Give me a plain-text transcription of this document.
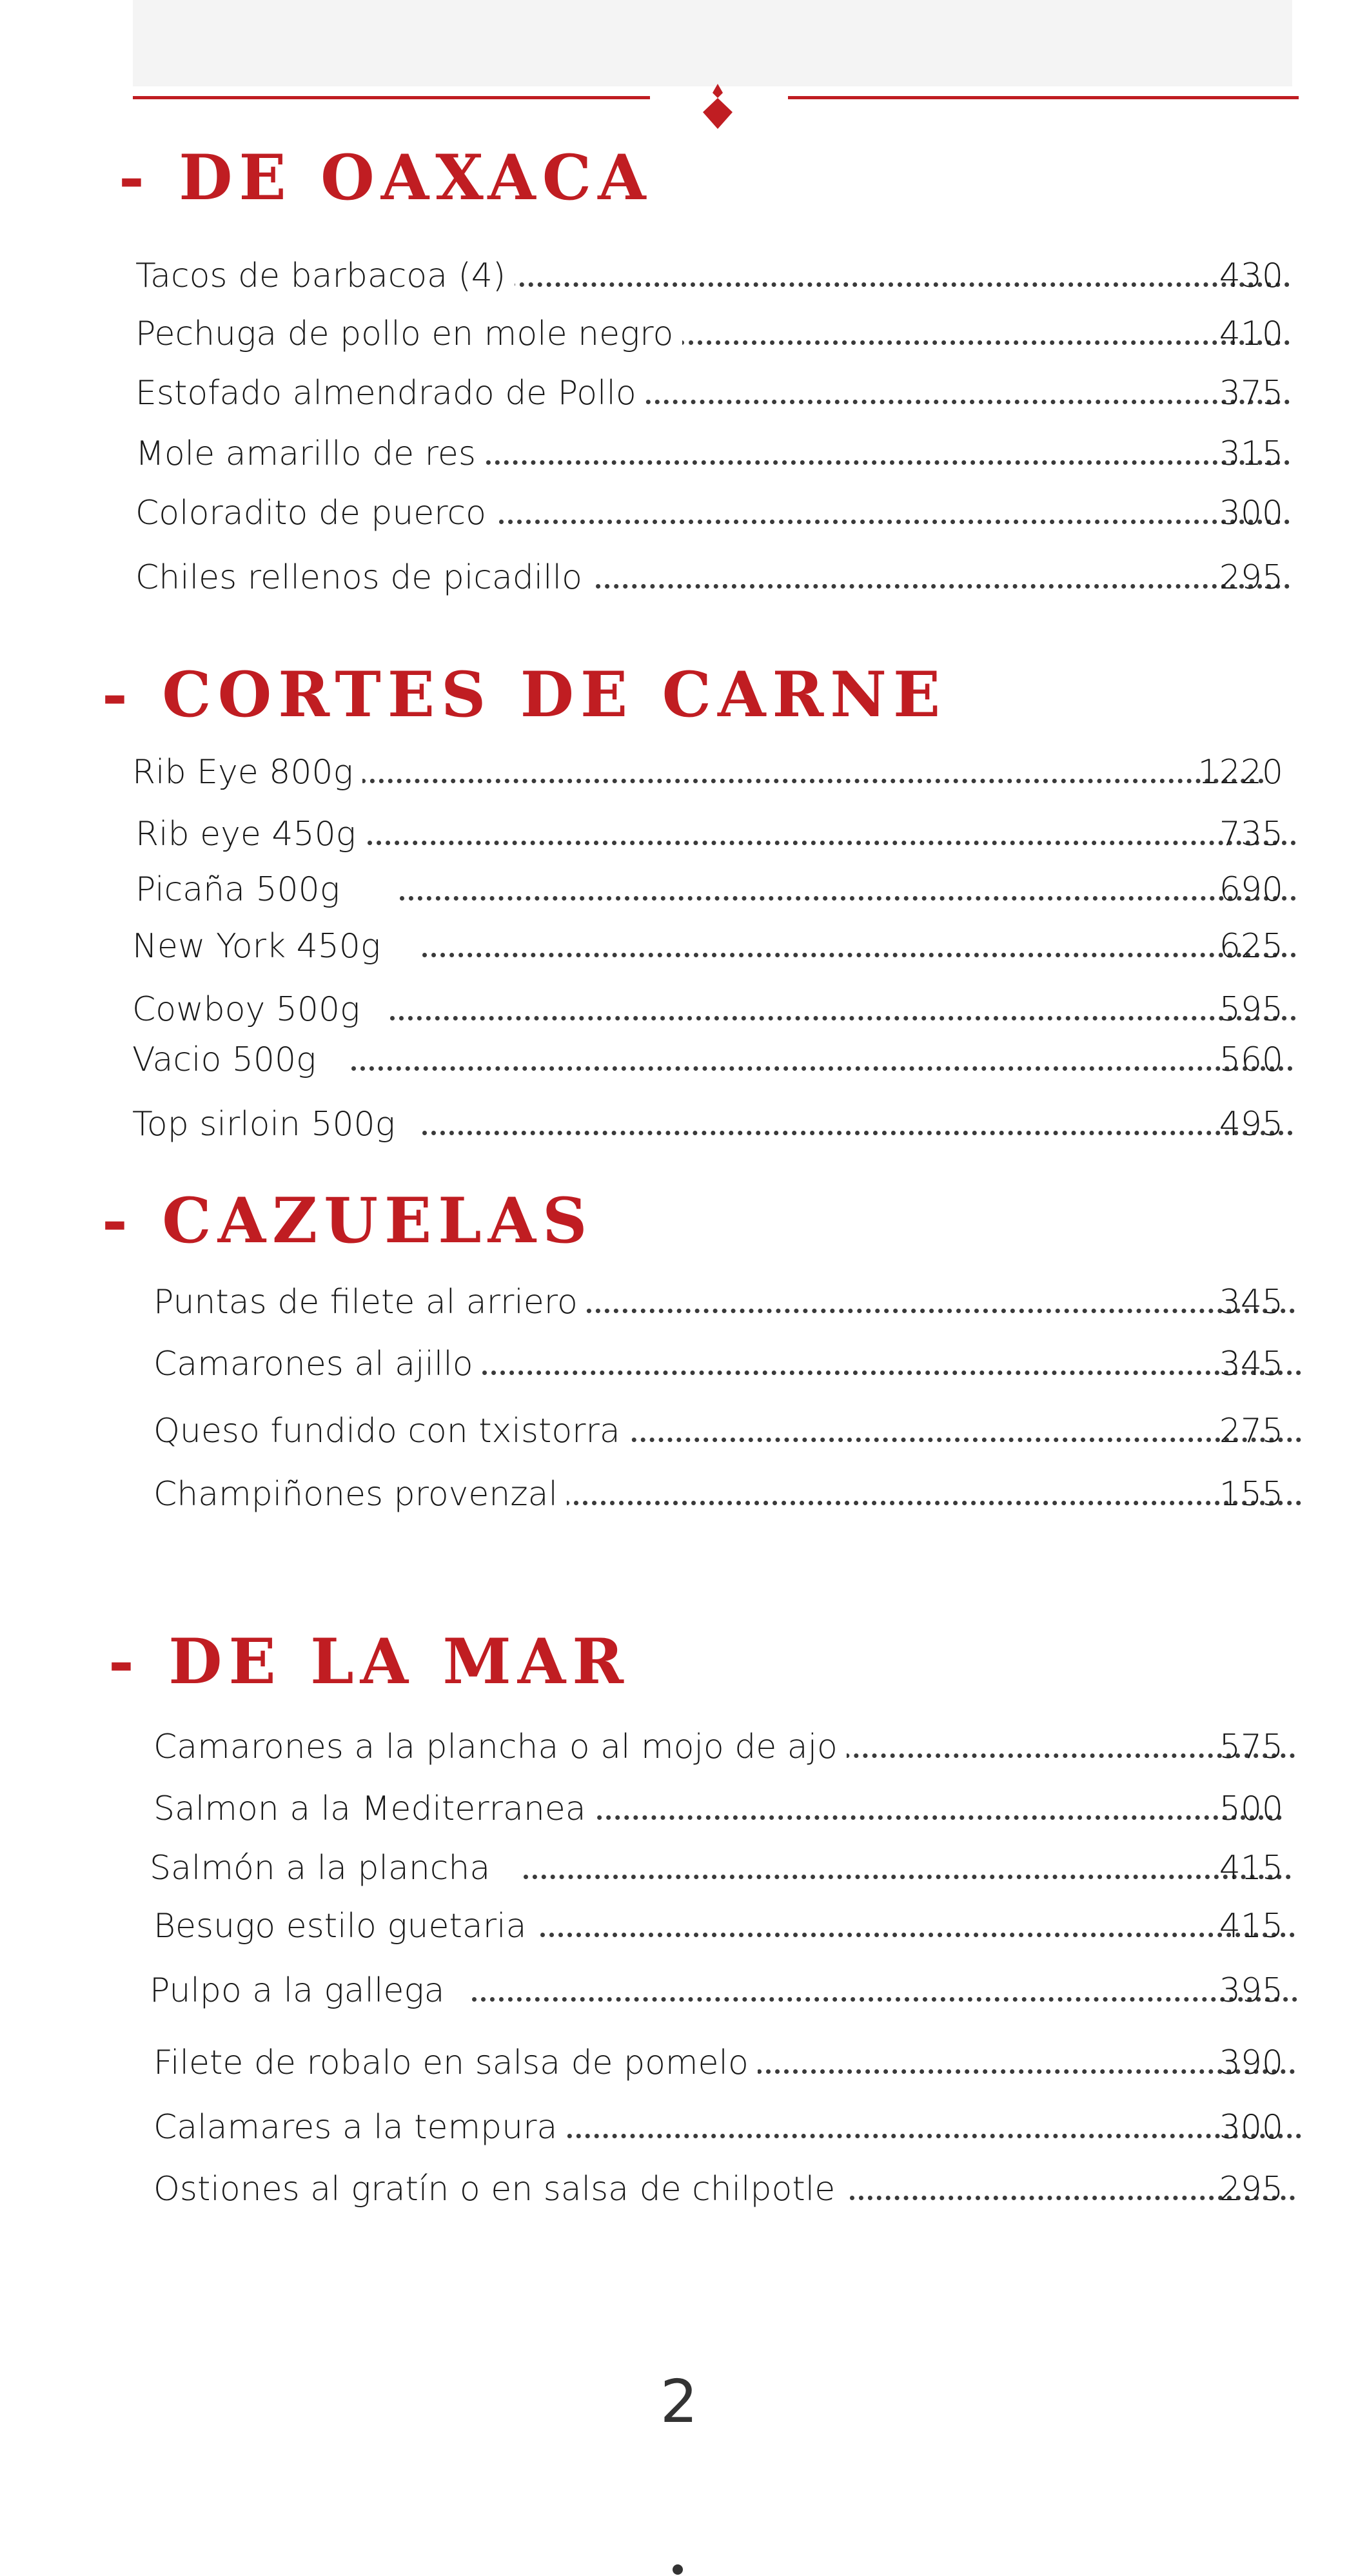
- DE OAXACA
Tacos de barbacoa (4)	430
Pechuga de pollo en mole negro	410
Estofado almendrado de Pollo	375
Mole amarillo de res	315
Coloradito de puerco	300
Chiles rellenos de picadillo	295
- CORTES DE CARNE
Rib Eye 800g	1220
Rib eye 450g	735
Picaña 500g	690
New York 450g	625
Cowboy 500g	595
Vacio 500g	560
Top sirloin 500g	495
- CAZUELAS
Puntas de filete al arriero	345
Camarones al ajillo	345
Queso fundido con txistorra	275
Champiñones provenzal	155
- DE LA MAR
Camarones a la plancha o al mojo de ajo	575
Salmon a la Mediterranea	500
Salmón a la plancha	415
Besugo estilo guetaria	415
Pulpo a la gallega	395
Filete de robalo en salsa de pomelo	390
Calamares a la tempura	300
Ostiones al gratín o en salsa de chilpotle	295
2
